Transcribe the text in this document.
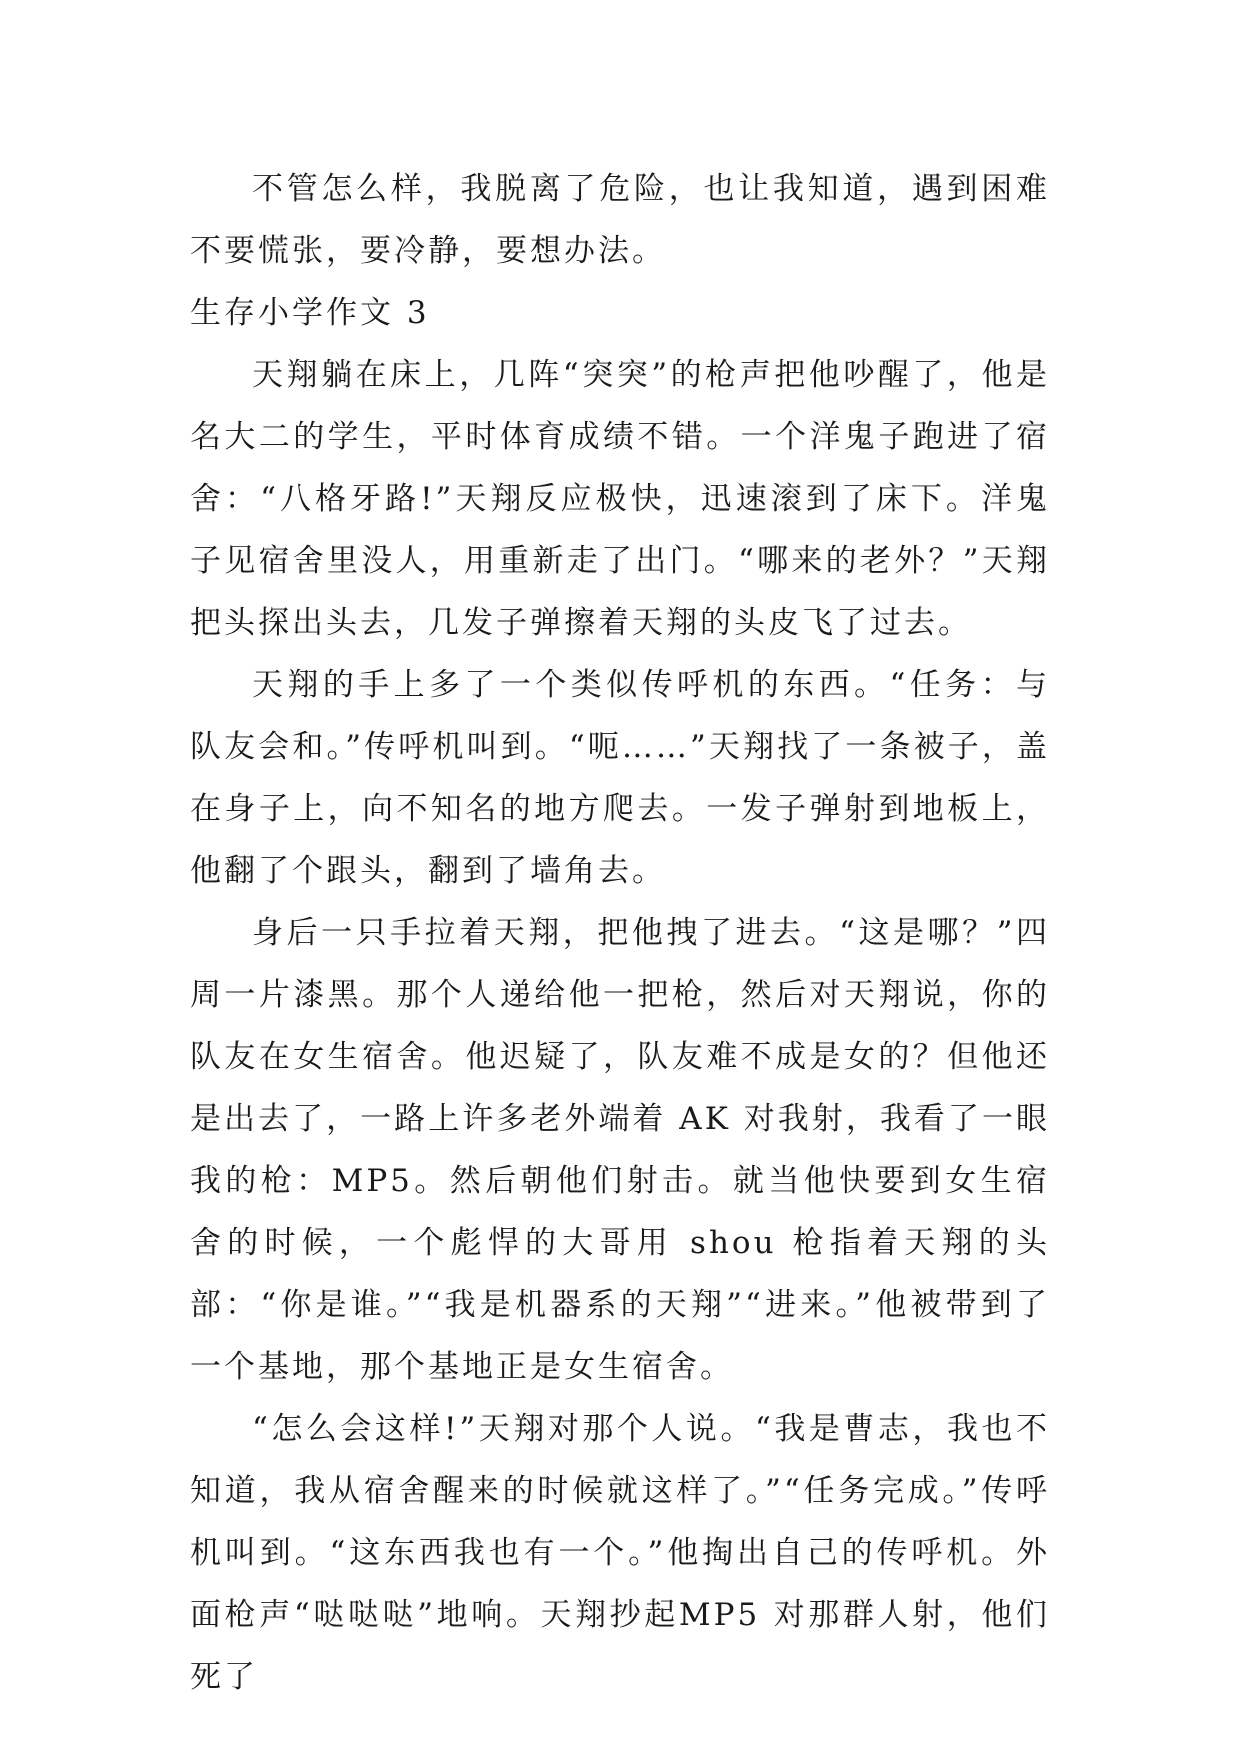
不管怎么样，我脱离了危险，也让我知道，遇到困难不要慌张，要冷静，要想办法。

生存小学作文 3

天翔躺在床上，几阵“突突”的枪声把他吵醒了，他是名大二的学生，平时体育成绩不错。一个洋鬼子跑进了宿舍：“八格牙路!”天翔反应极快，迅速滚到了床下。洋鬼子见宿舍里没人，用重新走了出门。“哪来的老外？”天翔把头探出头去，几发子弹擦着天翔的头皮飞了过去。

天翔的手上多了一个类似传呼机的东西。“任务：与队友会和。”传呼机叫到。“呃……”天翔找了一条被子，盖在身子上，向不知名的地方爬去。一发子弹射到地板上，他翻了个跟头，翻到了墙角去。

身后一只手拉着天翔，把他拽了进去。“这是哪？”四周一片漆黑。那个人递给他一把枪，然后对天翔说，你的队友在女生宿舍。他迟疑了，队友难不成是女的？但他还是出去了，一路上许多老外端着 AK 对我射，我看了一眼我的枪：MP5。然后朝他们射击。就当他快要到女生宿舍的时候，一个彪悍的大哥用 shou 枪指着天翔的头部：“你是谁。”“我是机器系的天翔”“进来。”他被带到了一个基地，那个基地正是女生宿舍。

“怎么会这样!”天翔对那个人说。“我是曹志，我也不知道，我从宿舍醒来的时候就这样了。”“任务完成。”传呼机叫到。“这东西我也有一个。”他掏出自己的传呼机。外面枪声“哒哒哒”地响。天翔抄起MP5 对那群人射，他们死了
